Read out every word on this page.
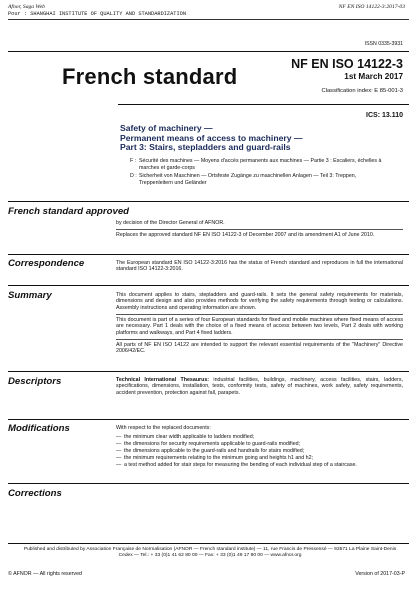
Afnor, Saga Web
Pour : SHANGHAI INSTITUTE OF QUALITY AND STANDARDIZATION
NF EN ISO 14122-3:2017-03
ISSN 0335-3931
French standard	NF EN ISO 14122-3
1st March 2017
Classification index: E 85-001-3
ICS: 13.110
Safety of machinery —
Permanent means of access to machinery —
Part 3: Stairs, stepladders and guard-rails
F : Sécurité des machines — Moyens d'accès permanents aux machines — Partie 3 : Escaliers, échelles à marches et garde-corps
D : Sicherheit von Maschinen — Ortsfeste Zugänge zu maschinellen Anlagen — Teil 3: Treppen, Treppenleitern und Geländer
French standard approved

by decision of the Director General of AFNOR.

Replaces the approved standard NF EN ISO 14122-3 of December 2007 and its amendment A1 of June 2010.

Correspondence	The European standard EN ISO 14122-3:2016 has the status of French standard and reproduces in full the international standard ISO 14122-3:2016.

Summary	This document applies to stairs, stepladders and guard-rails. It sets the general safety requirements for materials, dimensions and design and also provides methods for verifying the safety requirements through testing or calculations. Assembly instructions and operating information are shown.

This document is part of a series of four European standards for fixed and mobile machines where fixed means of access are necessary. Part 1 deals with the choice of a fixed means of access between two levels, Part 2 deals with working platforms and walkways, and Part 4 fixed ladders.

All parts of NF EN ISO 14122 are intended to support the relevant essential requirements of the "Machinery" Directive 2006/42/EC.

Descriptors	Technical International Thesaurus: industrial facilities, buildings, machinery, access facilities, stairs, ladders, specifications, dimensions, installation, tests, conformity tests, safety of machines, work safety, safety requirements, accident prevention, protection against fall, parapets.

Modifications	With respect to the replaced documents:

— the minimum clear width applicable to ladders modified;
— the dimensions for security requirements applicable to guard-rails modified;
— the dimensions applicable to the guard-rails and handrails for stairs modified;
— the minimum requirements relating to the minimum going and heights h1 and h2;
— a test method added for stair steps for measuring the bending of each individual step of a staircase.
Corrections
Published and distributed by Association Française de Normalisation (AFNOR — French standard institute) — 11, rue Francis de Pressensé — 93571 La Plaine Saint-Denis Cedex — Tel.: + 33 (0)1 41 62 80 00 — Fax: + 33 (0)1 49 17 90 00 — www.afnor.org
© AFNOR — All rights reserved	Version of 2017-03-P
